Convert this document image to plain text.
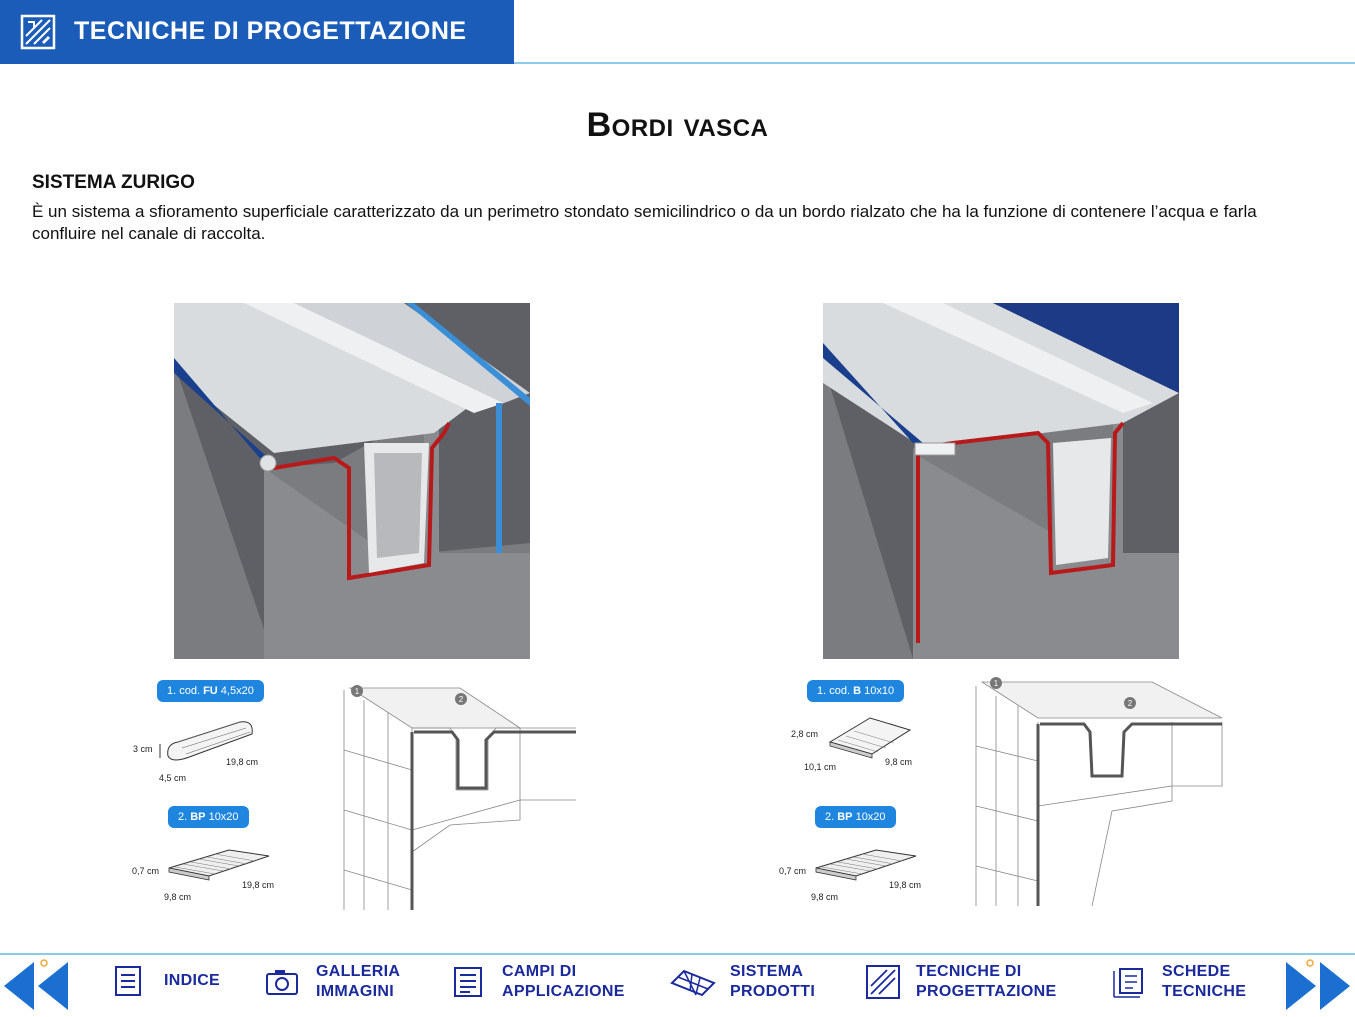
TECNICHE DI PROGETTAZIONE
Bordi vasca
SISTEMA ZURIGO

È un sistema a sfioramento superficiale caratterizzato da un perimetro stondato semicilindrico o da un bordo rialzato che ha la funzione di contenere l’acqua e farla confluire nel canale di raccolta.

1. cod. FU 4,5x20
3 cm
4,5 cm
19,8 cm
2. BP 10x20
0,7 cm
9,8 cm
19,8 cm
1
2
1. cod. B 10x10
2,8 cm
10,1 cm	9,8 cm
2. BP 10x20
0,7 cm
9,8 cm
19,8 cm
1
2
INDICE
GALLERIA
IMMAGINI
CAMPI DI
APPLICAZIONE
SISTEMA
PRODOTTI
TECNICHE DI
PROGETTAZIONE
SCHEDE
TECNICHE
